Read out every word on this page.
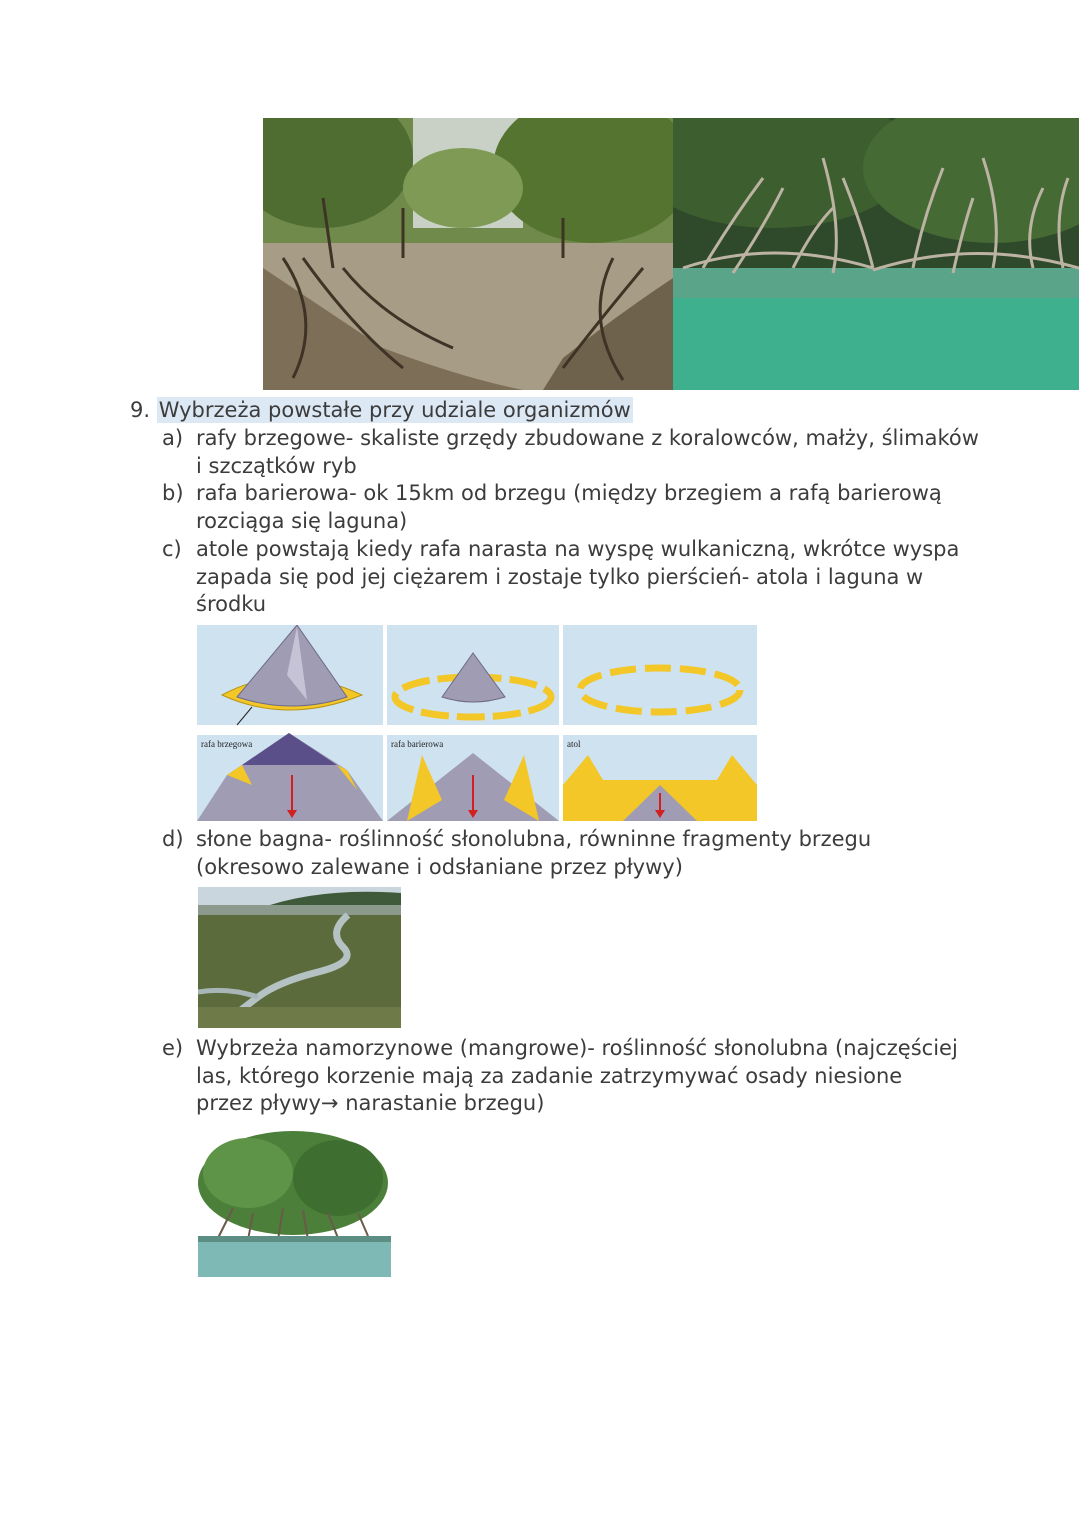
9. Wybrzeża powstałe przy udziale organizmów
a) rafy brzegowe- skaliste grzędy zbudowane z koralowców, małży, ślimaków i szczątków ryb
b) rafa barierowa- ok 15km od brzegu (między brzegiem a rafą barierową rozciąga się laguna)
c) atole powstają kiedy rafa narasta na wyspę wulkaniczną, wkrótce wyspa zapada się pod jej ciężarem i zostaje tylko pierścień- atola i laguna w środku
rafa brzegowa	rafa barierowa	atol
d) słone bagna- roślinność słonolubna, równinne fragmenty brzegu (okresowo zalewane i odsłaniane przez pływy)
e) Wybrzeża namorzynowe (mangrowe)- roślinność słonolubna (najczęściej las, którego korzenie mają za zadanie zatrzymywać osady niesione przez pływy→ narastanie brzegu)
